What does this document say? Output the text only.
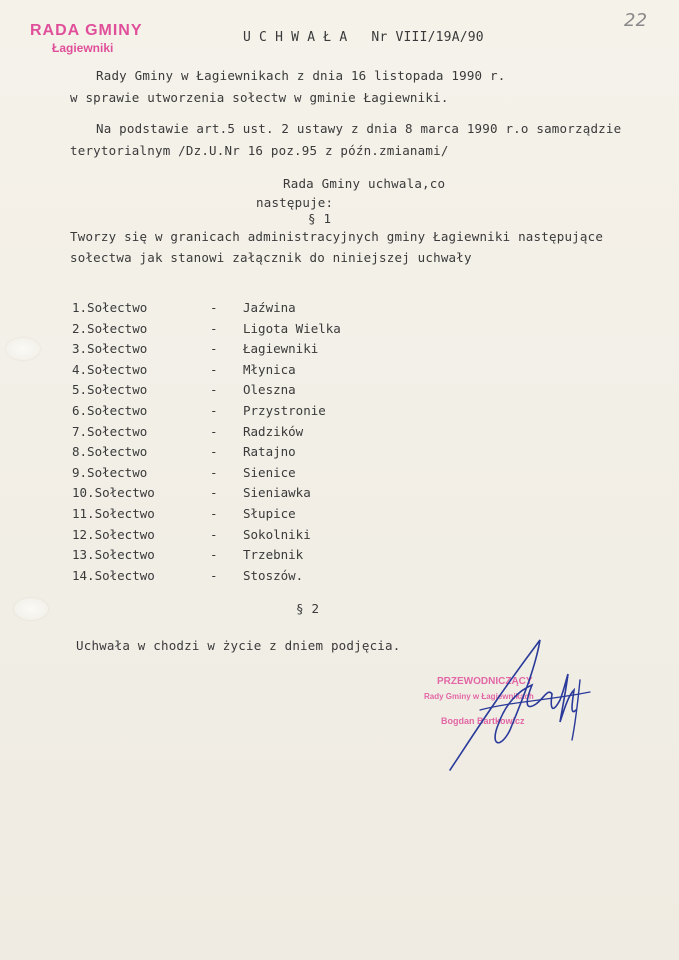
RADA GMINY
Łagiewniki
22
U C H W A Ł A   Nr VIII/19A/90
Rady Gminy w Łagiewnikach z dnia 16 listopada 1990 r.
w sprawie utworzenia sołectw w gminie Łagiewniki.
Na podstawie art.5 ust. 2 ustawy z dnia 8 marca 1990 r.o samorządzie
terytorialnym /Dz.U.Nr 16 poz.95 z późn.zmianami/
Rada Gminy uchwala,co
następuje:
§ 1
Tworzy się w granicach administracyjnych gminy Łagiewniki następujące
sołectwa jak stanowi załącznik do niniejszej uchwały
1.Sołectwo	- Jaźwina
2.Sołectwo	- Ligota Wielka
3.Sołectwo	- Łagiewniki
4.Sołectwo	- Młynica
5.Sołectwo	- Oleszna
6.Sołectwo	- Przystronie
7.Sołectwo	- Radzików
8.Sołectwo	- Ratajno
9.Sołectwo	- Sienice
10.Sołectwo	- Sieniawka
11.Sołectwo	- Słupice
12.Sołectwo	- Sokolniki
13.Sołectwo	- Trzebnik
14.Sołectwo	- Stoszów.
§ 2
Uchwała w chodzi w życie z dniem podjęcia.
PRZEWODNICZĄCY
Rady Gminy w Łagiewnikach
Bogdan Bartkowicz
